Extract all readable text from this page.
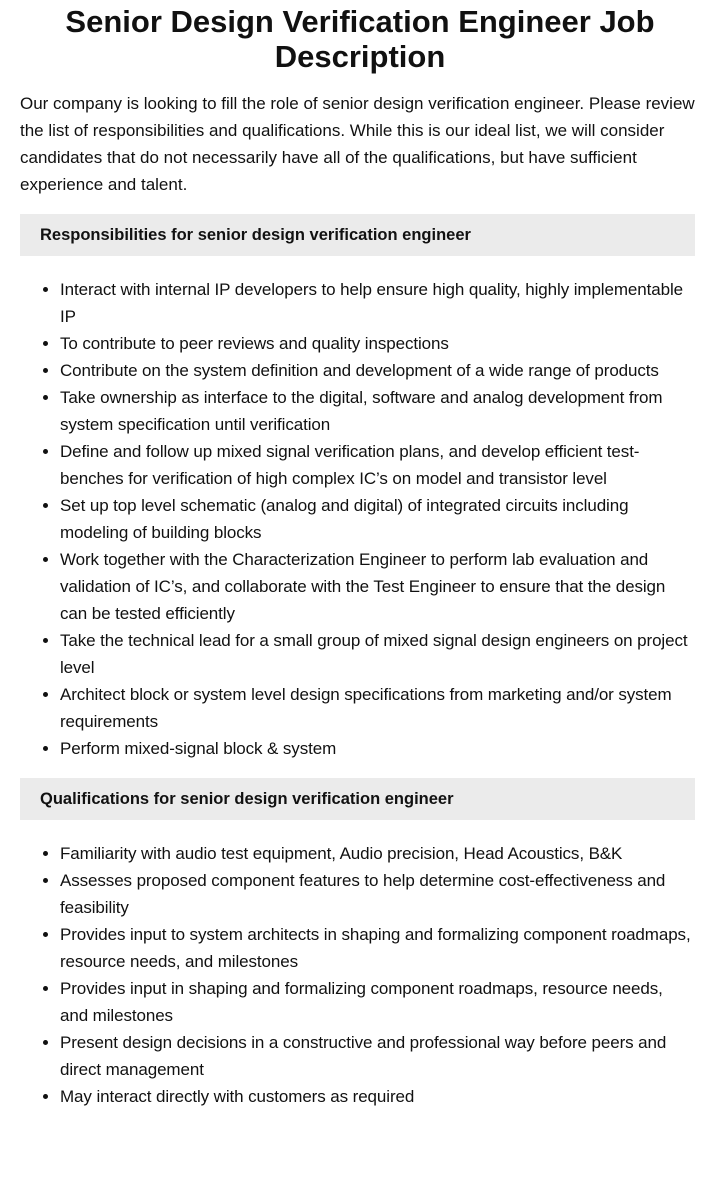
Senior Design Verification Engineer Job Description

Our company is looking to fill the role of senior design verification engineer. Please review the list of responsibilities and qualifications. While this is our ideal list, we will consider candidates that do not necessarily have all of the qualifications, but have sufficient experience and talent.

Responsibilities for senior design verification engineer
• Interact with internal IP developers to help ensure high quality, highly implementable IP
• To contribute to peer reviews and quality inspections
• Contribute on the system definition and development of a wide range of products
• Take ownership as interface to the digital, software and analog development from system specification until verification
• Define and follow up mixed signal verification plans, and develop efficient test-benches for verification of high complex IC’s on model and transistor level
• Set up top level schematic (analog and digital) of integrated circuits including modeling of building blocks
• Work together with the Characterization Engineer to perform lab evaluation and validation of IC’s, and collaborate with the Test Engineer to ensure that the design can be tested efficiently
• Take the technical lead for a small group of mixed signal design engineers on project level
• Architect block or system level design specifications from marketing and/or system requirements
• Perform mixed-signal block & system
Qualifications for senior design verification engineer
• Familiarity with audio test equipment, Audio precision, Head Acoustics, B&K
• Assesses proposed component features to help determine cost-effectiveness and feasibility
• Provides input to system architects in shaping and formalizing component roadmaps, resource needs, and milestones
• Provides input in shaping and formalizing component roadmaps, resource needs, and milestones
• Present design decisions in a constructive and professional way before peers and direct management
• May interact directly with customers as required
